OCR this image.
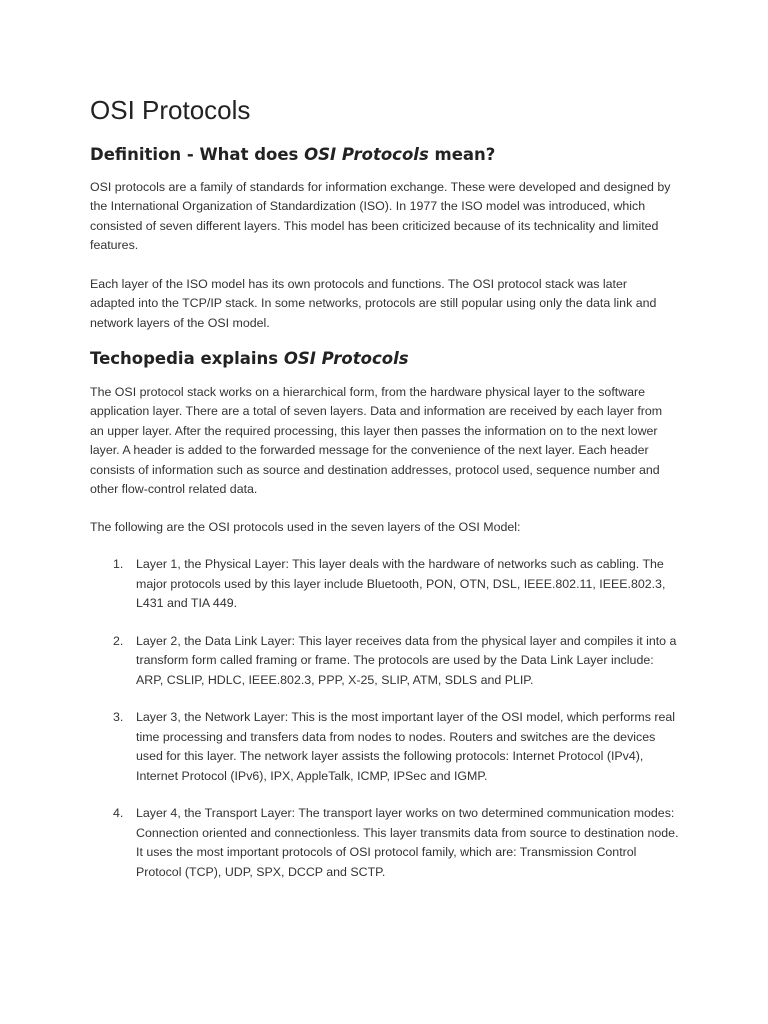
OSI Protocols
Definition - What does OSI Protocols mean?

OSI protocols are a family of standards for information exchange. These were developed and designed by the International Organization of Standardization (ISO). In 1977 the ISO model was introduced, which consisted of seven different layers. This model has been criticized because of its technicality and limited features.

Each layer of the ISO model has its own protocols and functions. The OSI protocol stack was later adapted into the TCP/IP stack. In some networks, protocols are still popular using only the data link and network layers of the OSI model.

Techopedia explains OSI Protocols

The OSI protocol stack works on a hierarchical form, from the hardware physical layer to the software application layer. There are a total of seven layers. Data and information are received by each layer from an upper layer. After the required processing, this layer then passes the information on to the next lower layer. A header is added to the forwarded message for the convenience of the next layer. Each header consists of information such as source and destination addresses, protocol used, sequence number and other flow-control related data.

The following are the OSI protocols used in the seven layers of the OSI Model:

1. Layer 1, the Physical Layer: This layer deals with the hardware of networks such as cabling. The major protocols used by this layer include Bluetooth, PON, OTN, DSL, IEEE.802.11, IEEE.802.3, L431 and TIA 449.
2. Layer 2, the Data Link Layer: This layer receives data from the physical layer and compiles it into a transform form called framing or frame. The protocols are used by the Data Link Layer include: ARP, CSLIP, HDLC, IEEE.802.3, PPP, X-25, SLIP, ATM, SDLS and PLIP.
3. Layer 3, the Network Layer: This is the most important layer of the OSI model, which performs real time processing and transfers data from nodes to nodes. Routers and switches are the devices used for this layer. The network layer assists the following protocols: Internet Protocol (IPv4), Internet Protocol (IPv6), IPX, AppleTalk, ICMP, IPSec and IGMP.
4. Layer 4, the Transport Layer: The transport layer works on two determined communication modes: Connection oriented and connectionless. This layer transmits data from source to destination node. It uses the most important protocols of OSI protocol family, which are: Transmission Control Protocol (TCP), UDP, SPX, DCCP and SCTP.
